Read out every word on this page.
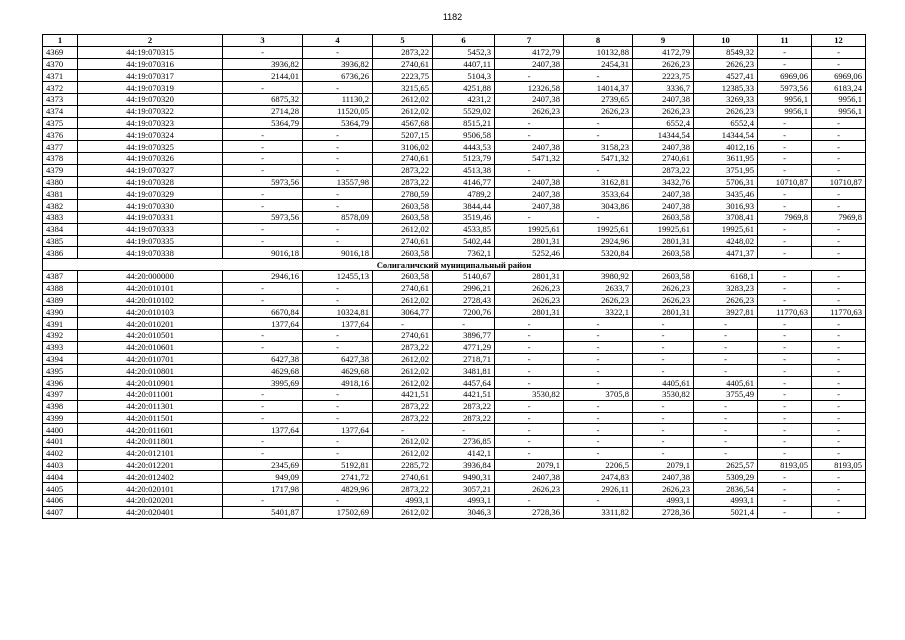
1182
1	2	3	4	5	6	7	8	9	10	11	12
4369	44:19:070315	-	-	2873,22	5452,3	4172,79	10132,88	4172,79	8549,32	-	-
4370	44:19:070316	3936,82	3936,82	2740,61	4407,11	2407,38	2454,31	2626,23	2626,23	-	-
4371	44:19:070317	2144,01	6736,26	2223,75	5104,3	-	-	2223,75	4527,41	6969,06	6969,06
4372	44:19:070319	-	-	3215,65	4251,88	12326,58	14014,37	3336,7	12385,33	5973,56	6183,24
4373	44:19:070320	6875,32	11130,2	2612,02	4231,2	2407,38	2739,65	2407,38	3269,33	9956,1	9956,1
4374	44:19:070322	2714,28	11520,05	2612,02	5529,02	2626,23	2626,23	2626,23	2626,23	9956,1	9956,1
4375	44:19:070323	5364,79	5364,79	4567,68	8515,21	-	-	6552,4	6552,4	-	-
4376	44:19:070324	-	-	5207,15	9506,58	-	-	14344,54	14344,54	-	-
4377	44:19:070325	-	-	3106,02	4443,53	2407,38	3158,23	2407,38	4012,16	-	-
4378	44:19:070326	-	-	2740,61	5123,79	5471,32	5471,32	2740,61	3611,95	-	-
4379	44:19:070327	-	-	2873,22	4513,38	-	-	2873,22	3751,95	-	-
4380	44:19:070328	5973,56	13557,98	2873,22	4146,77	2407,38	3162,81	3432,76	5706,31	10710,87	10710,87
4381	44:19:070329	-	-	2780,59	4789,2	2407,38	3533,64	2407,38	3435,46	-	-
4382	44:19:070330	-	-	2603,58	3844,44	2407,38	3043,86	2407,38	3016,93	-	-
4383	44:19:070331	5973,56	8578,09	2603,58	3519,46	-	-	2603,58	3708,41	7969,8	7969,8
4384	44:19:070333	-	-	2612,02	4533,85	19925,61	19925,61	19925,61	19925,61	-	-
4385	44:19:070335	-	-	2740,61	5402,44	2801,31	2924,96	2801,31	4248,02	-	-
4386	44:19:070338	9016,18	9016,18	2603,58	7362,1	5252,46	5320,84	2603,58	4471,37	-	-
Солигаличский муниципальный район											
4387	44:20:000000	2946,16	12455,13	2603,58	5140,67	2801,31	3980,92	2603,58	6168,1	-	-
4388	44:20:010101	-	-	2740,61	2996,21	2626,23	2633,7	2626,23	3283,23	-	-
4389	44:20:010102	-	-	2612,02	2728,43	2626,23	2626,23	2626,23	2626,23	-	-
4390	44:20:010103	6670,84	10324,81	3064,77	7200,76	2801,31	3322,1	2801,31	3927,81	11770,63	11770,63
4391	44:20:010201	1377,64	1377,64	-	-	-	-	-	-	-	-
4392	44:20:010501	-	-	2740,61	3896,77	-	-	-	-	-	-
4393	44:20:010601	-	-	2873,22	4771,29	-	-	-	-	-	-
4394	44:20:010701	6427,38	6427,38	2612,02	2718,71	-	-	-	-	-	-
4395	44:20:010801	4629,68	4629,68	2612,02	3481,81	-	-	-	-	-	-
4396	44:20:010901	3995,69	4918,16	2612,02	4457,64	-	-	4405,61	4405,61	-	-
4397	44:20:011001	-	-	4421,51	4421,51	3530,82	3705,8	3530,82	3755,49	-	-
4398	44:20:011301	-	-	2873,22	2873,22	-	-	-	-	-	-
4399	44:20:011501	-	-	2873,22	2873,22	-	-	-	-	-	-
4400	44:20:011601	1377,64	1377,64	-	-	-	-	-	-	-	-
4401	44:20:011801	-	-	2612,02	2736,85	-	-	-	-	-	-
4402	44:20:012101	-	-	2612,02	4142,1	-	-	-	-	-	-
4403	44:20:012201	2345,69	5192,81	2285,72	3936,84	2079,1	2206,5	2079,1	2625,57	8193,05	8193,05
4404	44:20:012402	949,09	2741,72	2740,61	9490,31	2407,38	2474,83	2407,38	5309,29	-	-
4405	44:20:020101	1717,98	4829,96	2873,22	3057,21	2626,23	2926,11	2626,23	2836,54	-	-
4406	44:20:020201	-	-	4993,1	4993,1	-	-	4993,1	4993,1	-	-
4407	44:20:020401	5401,87	17502,69	2612,02	3046,3	2728,36	3311,82	2728,36	5021,4	-	-
